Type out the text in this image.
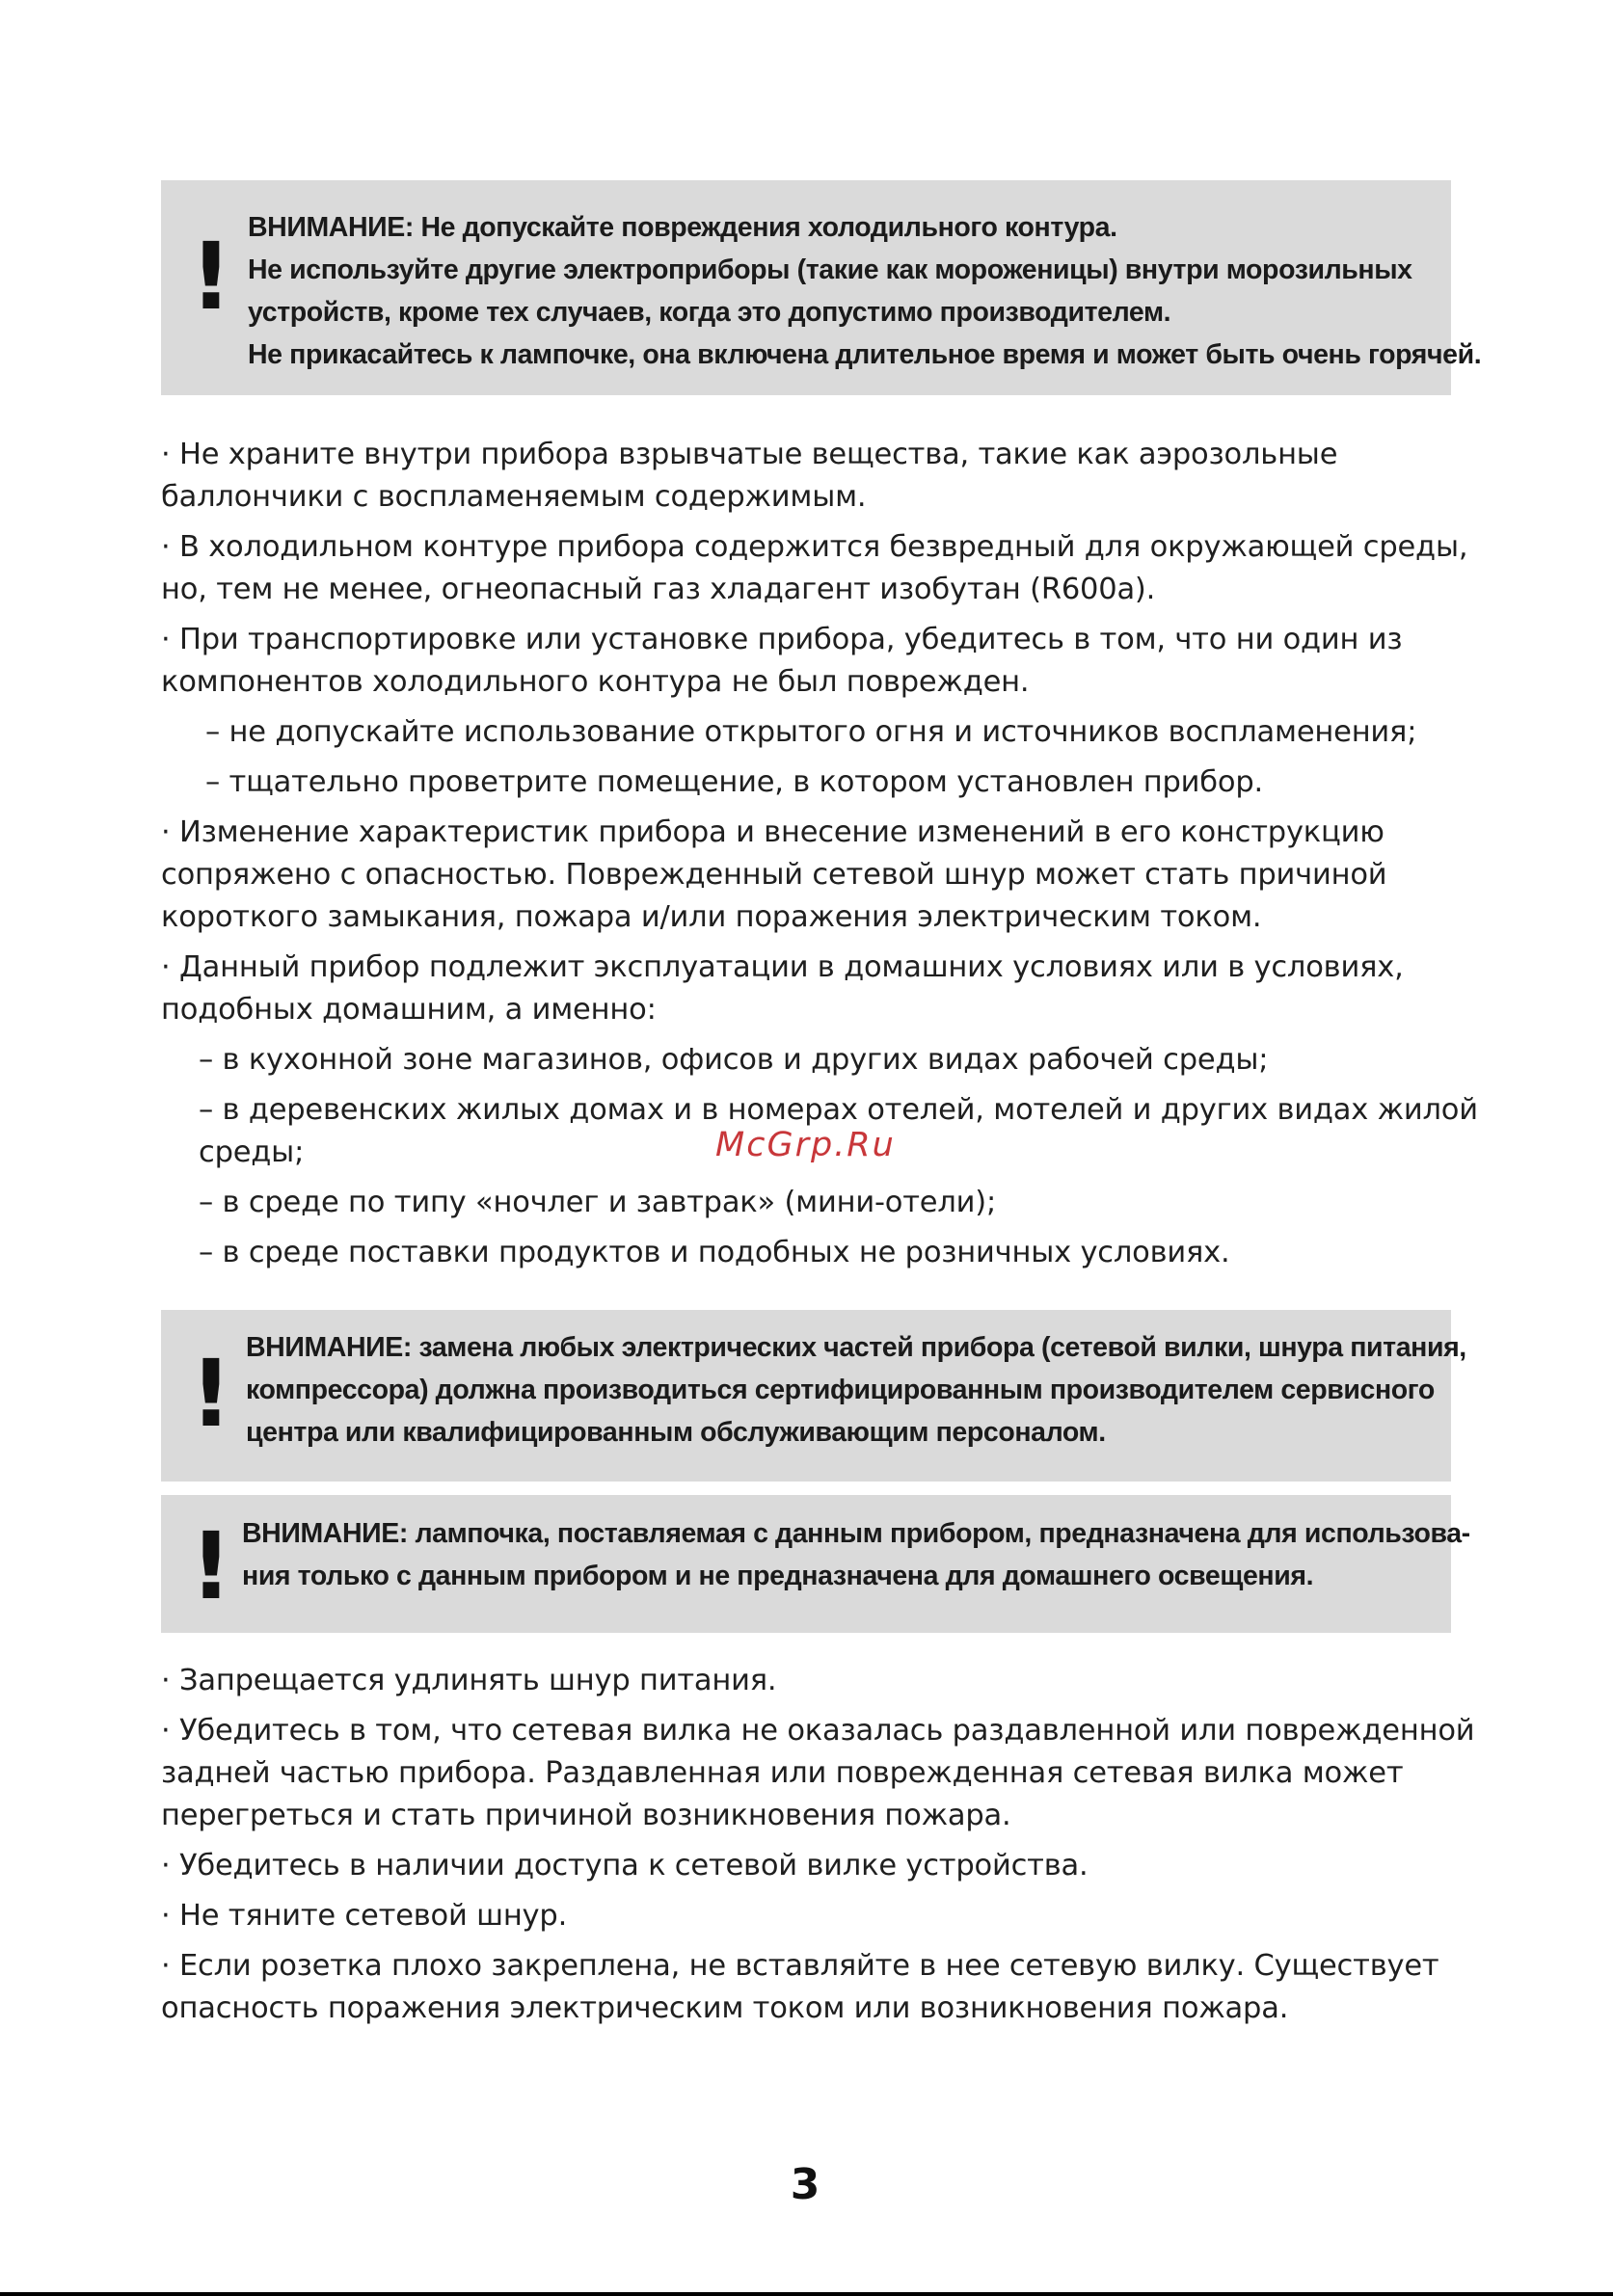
! ВНИМАНИЕ: Не допускайте повреждения холодильного контура.
Не используйте другие электроприборы (такие как мороженицы) внутри морозильных
устройств, кроме тех случаев, когда это допустимо производителем.
Не прикасайтесь к лампочке, она включена длительное время и может быть очень горячей.
· Не храните внутри прибора взрывчатые вещества, такие как аэрозольные
баллончики с воспламеняемым содержимым.
· В холодильном контуре прибора содержится безвредный для окружающей среды,
но, тем не менее, огнеопасный газ хладагент изобутан (R600a).
· При транспортировке или установке прибора, убедитесь в том, что ни один из
компонентов холодильного контура не был поврежден.
– не допускайте использование открытого огня и источников воспламенения;
– тщательно проветрите помещение, в котором установлен прибор.
· Изменение характеристик прибора и внесение изменений в его конструкцию
сопряжено с опасностью. Поврежденный сетевой шнур может стать причиной
короткого замыкания, пожара и/или поражения электрическим током.
· Данный прибор подлежит эксплуатации в домашних условиях или в условиях,
подобных домашним, а именно:
– в кухонной зоне магазинов, офисов и других видах рабочей среды;
– в деревенских жилых домах и в номерах отелей, мотелей и других видах жилой
среды;
– в среде по типу «ночлег и завтрак» (мини-отели);
– в среде поставки продуктов и подобных не розничных условиях.
McGrp.Ru
! ВНИМАНИЕ: замена любых электрических частей прибора (сетевой вилки, шнура питания,
компрессора) должна производиться сертифицированным производителем сервисного
центра или квалифицированным обслуживающим персоналом.
! ВНИМАНИЕ: лампочка, поставляемая с данным прибором, предназначена для использова-
ния только с данным прибором и не предназначена для домашнего освещения.
· Запрещается удлинять шнур питания.
· Убедитесь в том, что сетевая вилка не оказалась раздавленной или поврежденной
задней частью прибора. Раздавленная или поврежденная сетевая вилка может
перегреться и стать причиной возникновения пожара.
· Убедитесь в наличии доступа к сетевой вилке устройства.
· Не тяните сетевой шнур.
· Если розетка плохо закреплена, не вставляйте в нее сетевую вилку. Существует
опасность поражения электрическим током или возникновения пожара.
3
